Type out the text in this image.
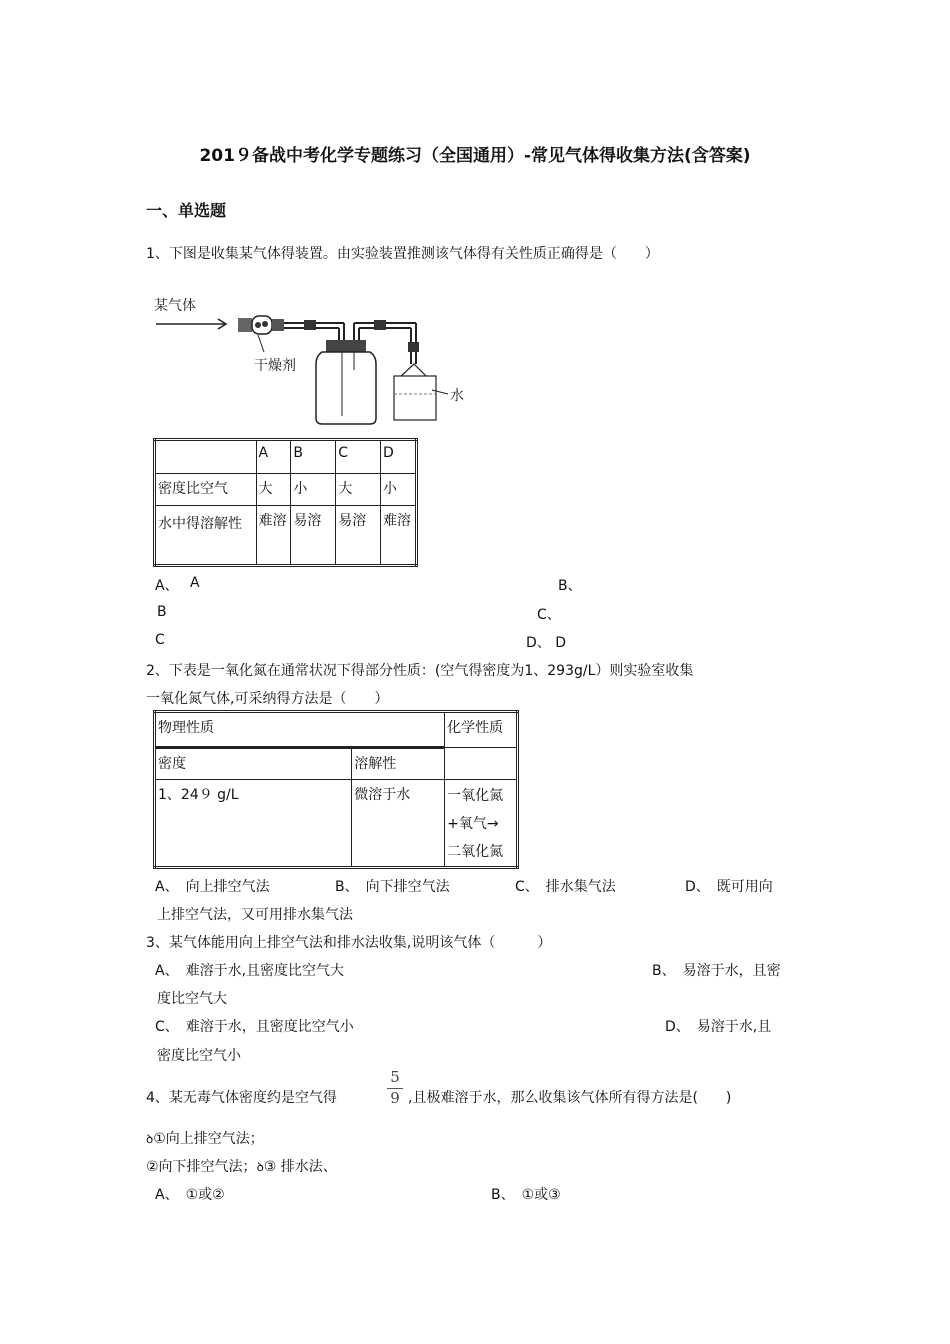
201９备战中考化学专题练习（全国通用）-常见气体得收集方法(含答案)
一、单选题
1、下图是收集某气体得装置。由实验装置推测该气体得有关性质正确得是（　　）
某气体
干燥剂
水
	A	B	C	D
密度比空气	大	小	大	小
水中得溶解性	难溶	易溶	易溶	难溶
A、 A	B、
B	C、
C	D、 D
2、下表是一氧化氮在通常状况下得部分性质：(空气得密度为1、293g/L）则实验室收集
一氧化氮气体,可采纳得方法是（　　）
物理性质		化学性质
密度	溶解性	
1、24９ g/L	微溶于水	一氧化氮
+氧气→
二氧化氮
A、　向上排空气法	B、　向下排空气法	C、　排水集气法	D、　既可用向
上排空气法，又可用排水集气法
3、某气体能用向上排空气法和排水法收集,说明该气体（　　　）
A、　难溶于水,且密度比空气大	B、　易溶于水，且密
度比空气大
C、　难溶于水，且密度比空气小	D、　易溶于水,且
密度比空气小
4、某无毒气体密度约是空气得
5
9 ,且极难溶于水，那么收集该气体所有得方法是(　　)
ꝺ①向上排空气法；
②向下排空气法；ꝺ③ 排水法、
A、　①或②	B、　①或③
